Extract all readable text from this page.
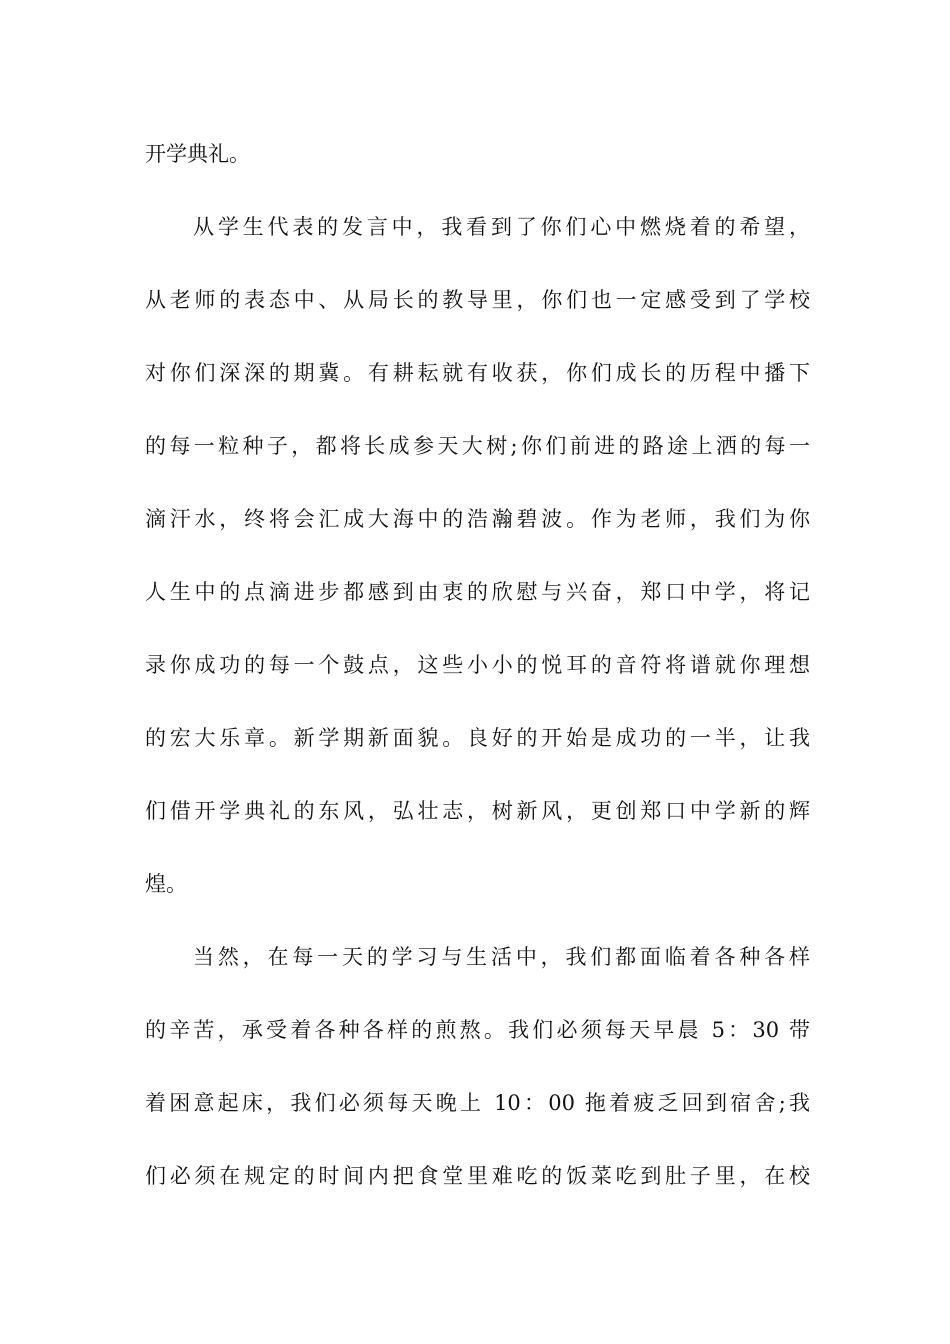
开学典礼。
从学生代表的发言中，我看到了你们心中燃烧着的希望，
从老师的表态中、从局长的教导里，你们也一定感受到了学校
对你们深深的期冀。有耕耘就有收获，你们成长的历程中播下
的每一粒种子，都将长成参天大树;你们前进的路途上洒的每一
滴汗水，终将会汇成大海中的浩瀚碧波。作为老师，我们为你
人生中的点滴进步都感到由衷的欣慰与兴奋，郑口中学，将记
录你成功的每一个鼓点，这些小小的悦耳的音符将谱就你理想
的宏大乐章。新学期新面貌。良好的开始是成功的一半，让我
们借开学典礼的东风，弘壮志，树新风，更创郑口中学新的辉
煌。
当然，在每一天的学习与生活中，我们都面临着各种各样
的辛苦，承受着各种各样的煎熬。我们必须每天早晨 5：30 带
着困意起床，我们必须每天晚上 10：00 拖着疲乏回到宿舍;我
们必须在规定的时间内把食堂里难吃的饭菜吃到肚子里，在校
